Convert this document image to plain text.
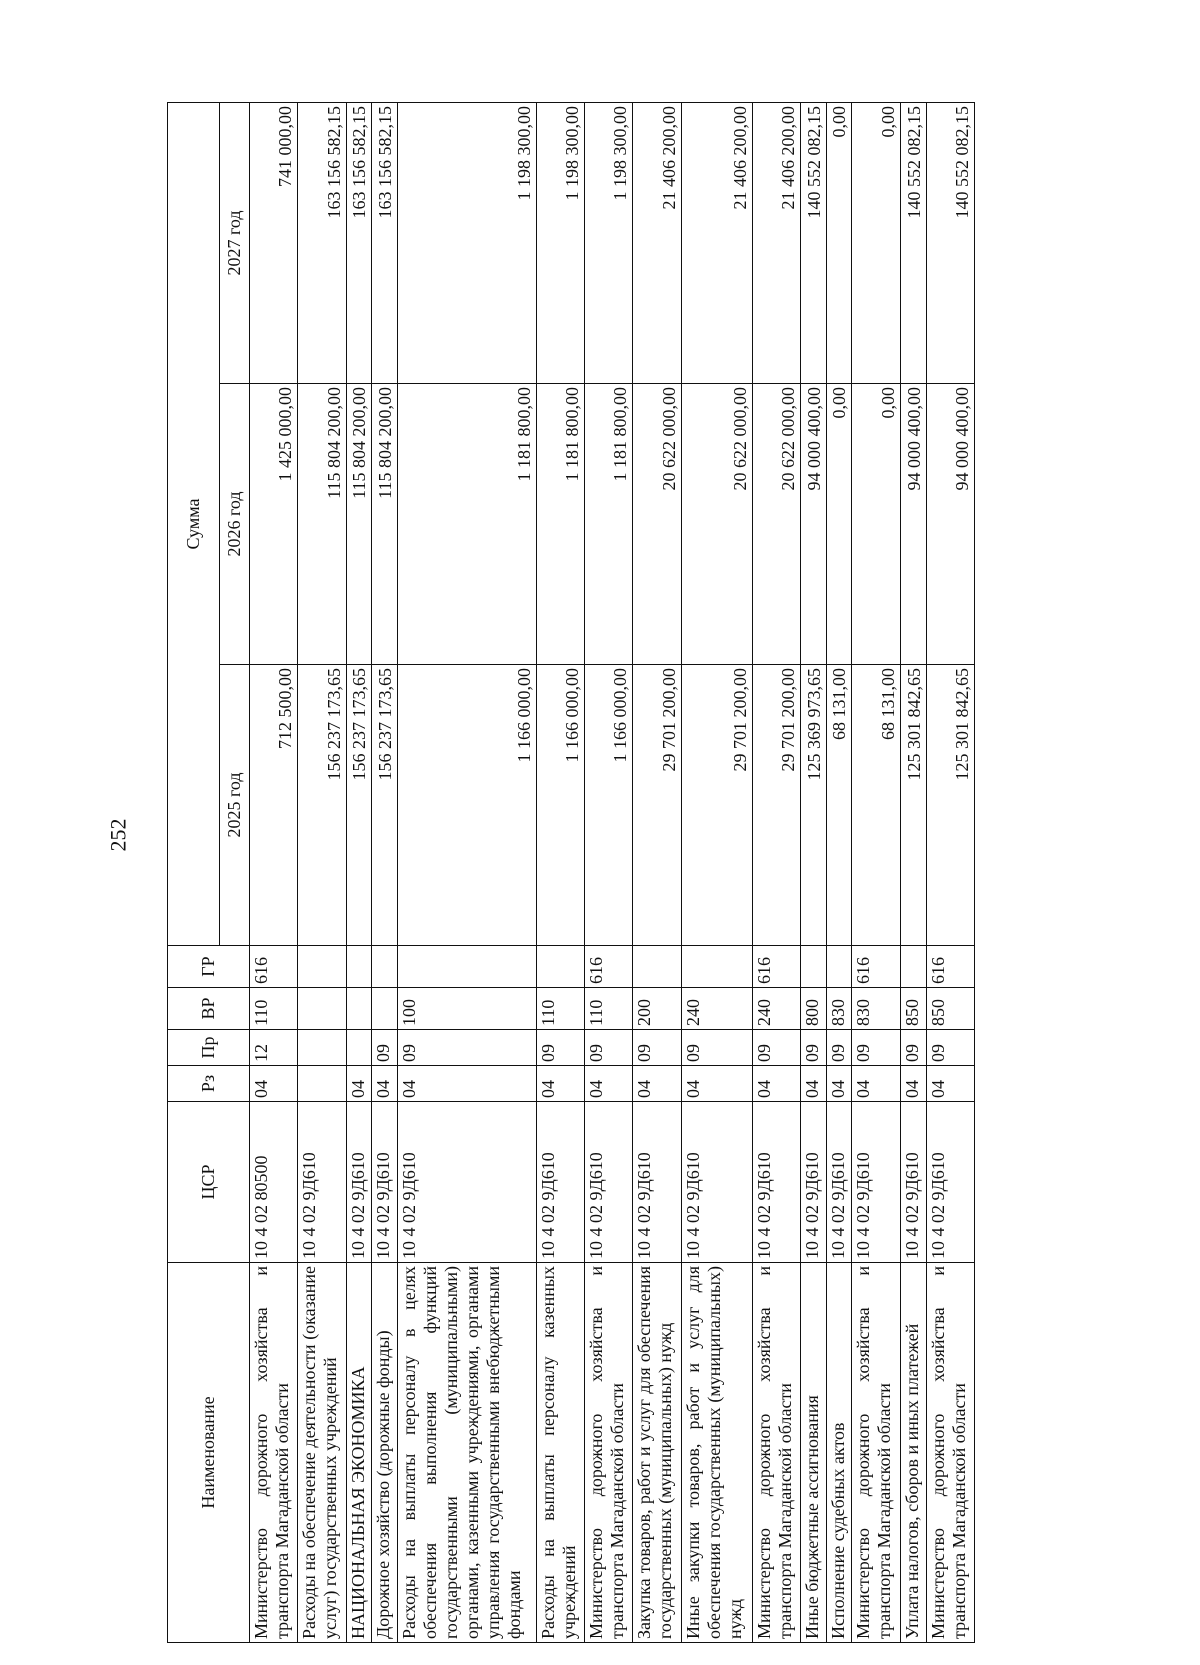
252
Наименование	ЦСР	Рз	Пр	ВР	ГР	Сумма		
						2025 год	2026 год	2027 год
Министерство дорожного хозяйства и транспорта Магаданской области	10 4 02 80500	04	12	110	616	712 500,00	1 425 000,00	741 000,00
Расходы на обеспечение деятельности (оказание услуг) государственных учреждений	10 4 02 9Д610					156 237 173,65	115 804 200,00	163 156 582,15
НАЦИОНАЛЬНАЯ ЭКОНОМИКА	10 4 02 9Д610	04				156 237 173,65	115 804 200,00	163 156 582,15
Дорожное хозяйство (дорожные фонды)	10 4 02 9Д610	04	09			156 237 173,65	115 804 200,00	163 156 582,15
Расходы на выплаты персоналу в целях обеспечения выполнения функций государственными (муниципальными) органами, казенными учреждениями, органами управления государственными внебюджетными фондами	10 4 02 9Д610	04	09	100		1 166 000,00	1 181 800,00	1 198 300,00
Расходы на выплаты персоналу казенных учреждений	10 4 02 9Д610	04	09	110		1 166 000,00	1 181 800,00	1 198 300,00
Министерство дорожного хозяйства и транспорта Магаданской области	10 4 02 9Д610	04	09	110	616	1 166 000,00	1 181 800,00	1 198 300,00
Закупка товаров, работ и услуг для обеспечения государственных (муниципальных) нужд	10 4 02 9Д610	04	09	200		29 701 200,00	20 622 000,00	21 406 200,00
Иные закупки товаров, работ и услуг для обеспечения государственных (муниципальных) нужд	10 4 02 9Д610	04	09	240		29 701 200,00	20 622 000,00	21 406 200,00
Министерство дорожного хозяйства и транспорта Магаданской области	10 4 02 9Д610	04	09	240	616	29 701 200,00	20 622 000,00	21 406 200,00
Иные бюджетные ассигнования	10 4 02 9Д610	04	09	800		125 369 973,65	94 000 400,00	140 552 082,15
Исполнение судебных актов	10 4 02 9Д610	04	09	830		68 131,00	0,00	0,00
Министерство дорожного хозяйства и транспорта Магаданской области	10 4 02 9Д610	04	09	830	616	68 131,00	0,00	0,00
Уплата налогов, сборов и иных платежей	10 4 02 9Д610	04	09	850		125 301 842,65	94 000 400,00	140 552 082,15
Министерство дорожного хозяйства и транспорта Магаданской области	10 4 02 9Д610	04	09	850	616	125 301 842,65	94 000 400,00	140 552 082,15
